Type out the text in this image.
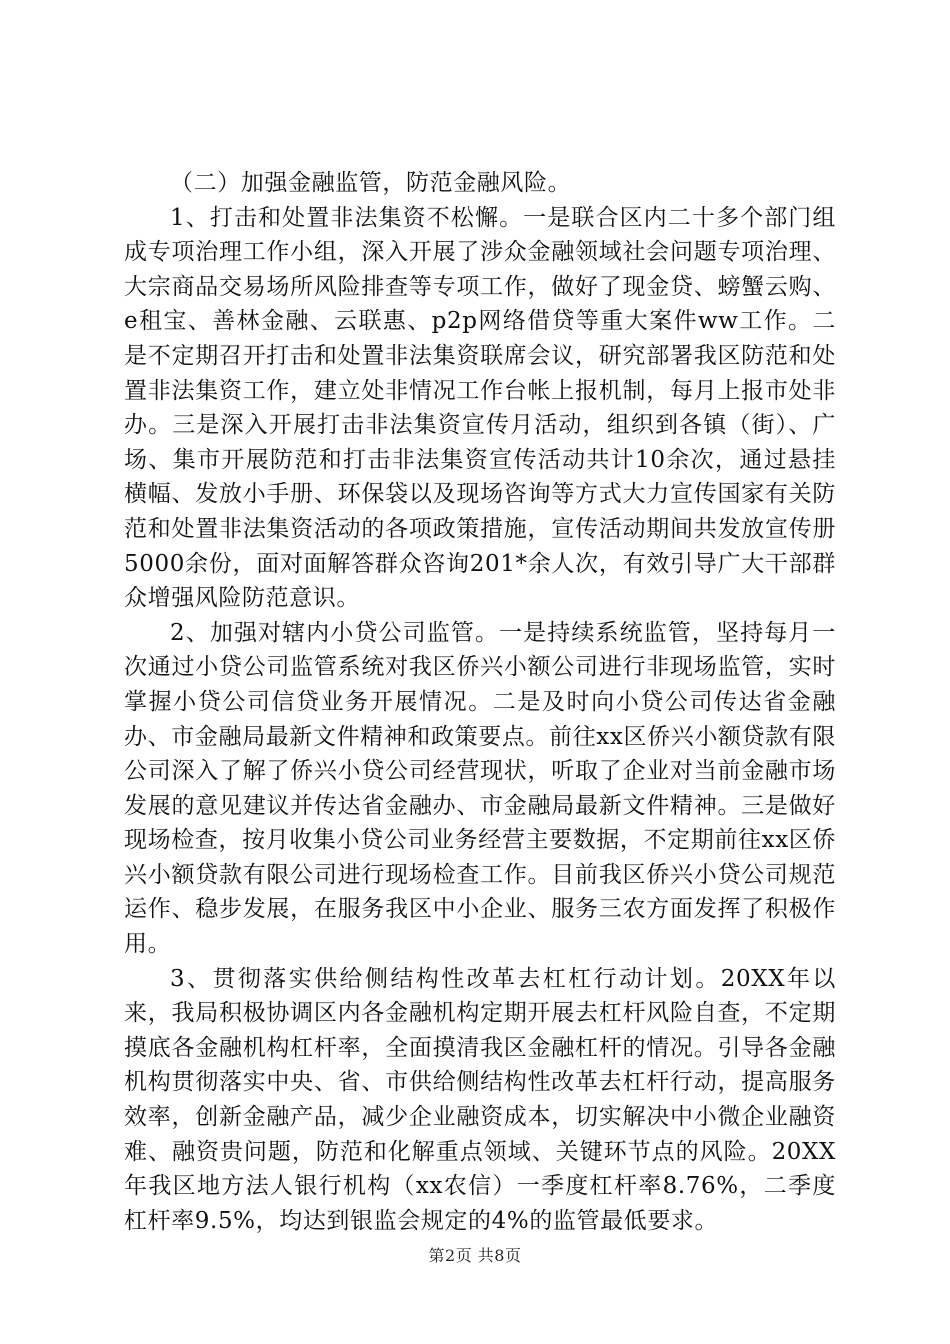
（二）加强金融监管，防范金融风险。

1、打击和处置非法集资不松懈。一是联合区内二十多个部门组成专项治理工作小组，深入开展了涉众金融领域社会问题专项治理、大宗商品交易场所风险排查等专项工作，做好了现金贷、螃蟹云购、e租宝、善林金融、云联惠、p2p网络借贷等重大案件ww工作。二是不定期召开打击和处置非法集资联席会议，研究部署我区防范和处置非法集资工作，建立处非情况工作台帐上报机制，每月上报市处非办。三是深入开展打击非法集资宣传月活动，组织到各镇（街）、广场、集市开展防范和打击非法集资宣传活动共计10余次，通过悬挂横幅、发放小手册、环保袋以及现场咨询等方式大力宣传国家有关防范和处置非法集资活动的各项政策措施，宣传活动期间共发放宣传册5000余份，面对面解答群众咨询201*余人次，有效引导广大干部群众增强风险防范意识。

2、加强对辖内小贷公司监管。一是持续系统监管，坚持每月一次通过小贷公司监管系统对我区侨兴小额公司进行非现场监管，实时掌握小贷公司信贷业务开展情况。二是及时向小贷公司传达省金融办、市金融局最新文件精神和政策要点。前往xx区侨兴小额贷款有限公司深入了解了侨兴小贷公司经营现状，听取了企业对当前金融市场发展的意见建议并传达省金融办、市金融局最新文件精神。三是做好现场检查，按月收集小贷公司业务经营主要数据，不定期前往xx区侨兴小额贷款有限公司进行现场检查工作。目前我区侨兴小贷公司规范运作、稳步发展，在服务我区中小企业、服务三农方面发挥了积极作用。

3、贯彻落实供给侧结构性改革去杠杠行动计划。20XX年以来，我局积极协调区内各金融机构定期开展去杠杆风险自查，不定期摸底各金融机构杠杆率，全面摸清我区金融杠杆的情况。引导各金融机构贯彻落实中央、省、市供给侧结构性改革去杠杆行动，提高服务效率，创新金融产品，减少企业融资成本，切实解决中小微企业融资难、融资贵问题，防范和化解重点领域、关键环节点的风险。20XX年我区地方法人银行机构（xx农信）一季度杠杆率8.76%，二季度杠杆率9.5%，均达到银监会规定的4%的监管最低要求。

第2页 共8页
